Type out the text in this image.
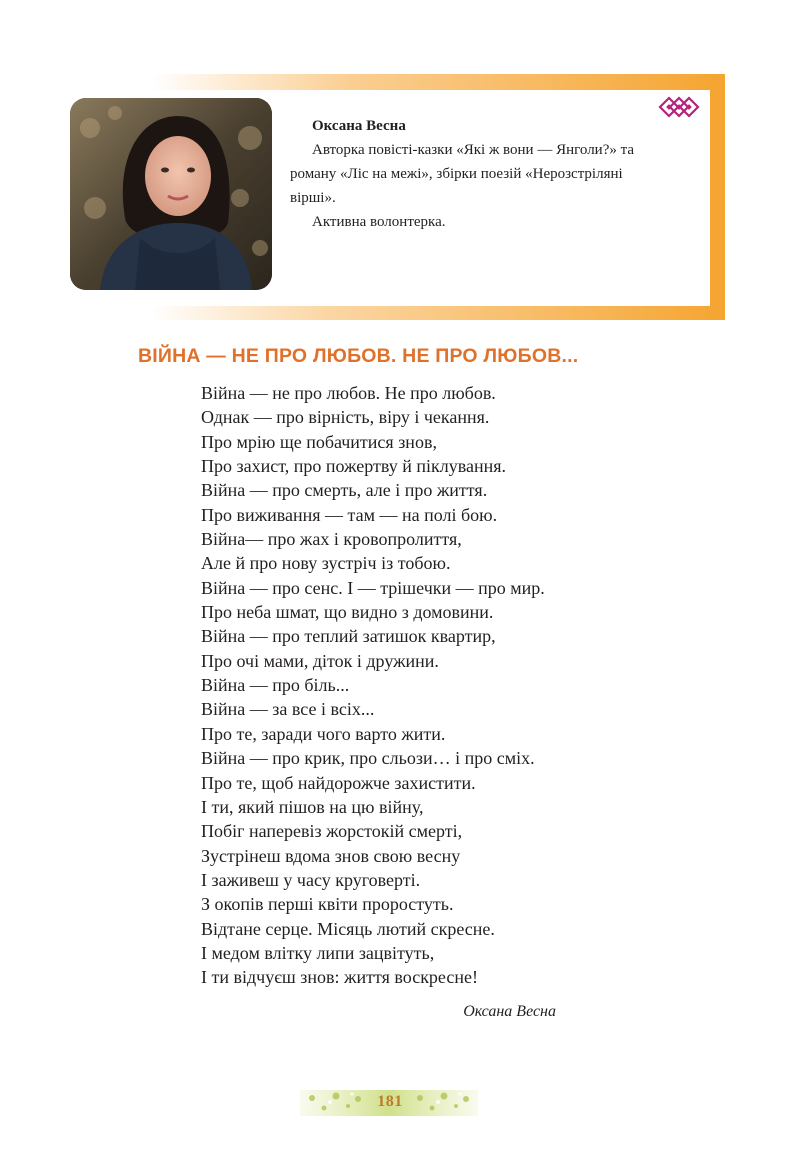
Оксана Весна

Авторка повісті-казки «Які ж вони — Янголи?» та роману «Ліс на межі», збірки поезій «Нерозстріляні вірші».

Активна волонтерка.

ВІЙНА — НЕ ПРО ЛЮБОВ. НЕ ПРО ЛЮБОВ...
Війна — не про любов. Не про любов.
Однак — про вірність, віру і чекання.
Про мрію ще побачитися знов,
Про захист, про пожертву й піклування.
Війна — про смерть, але і про життя.
Про виживання — там — на полі бою.
Війна— про жах і кровопролиття,
Але й про нову зустріч із тобою.
Війна — про сенс. І — трішечки — про мир.
Про неба шмат, що видно з домовини.
Війна — про теплий затишок квартир,
Про очі мами, діток і дружини.
Війна — про біль...
Війна — за все і всіх...
Про те, заради чого варто жити.
Війна — про крик, про сльози… і про сміх.
Про те, щоб найдорожче захистити.
І ти, який пішов на цю війну,
Побіг наперевіз жорстокій смерті,
Зустрінеш вдома знов свою весну
І заживеш у часу круговерті.
З окопів перші квіти проростуть.
Відтане серце. Місяць лютий скресне.
І медом влітку липи зацвітуть,
І ти відчуєш знов: життя воскресне!
Оксана Весна
181
